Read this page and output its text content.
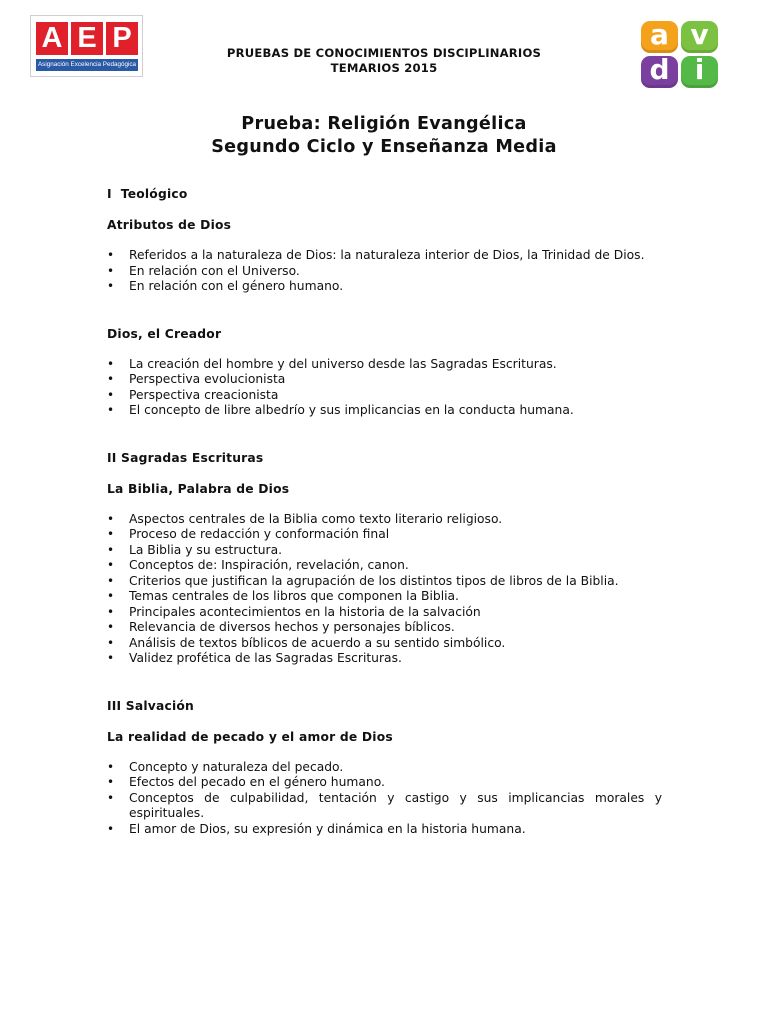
A E P
Asignación Excelencia Pedagógica
PRUEBAS DE CONOCIMIENTOS DISCIPLINARIOS
TEMARIOS 2015
a v
d i
Prueba: Religión Evangélica
Segundo Ciclo y Enseñanza Media

I  Teológico

Atributos de Dios

• Referidos a la naturaleza de Dios: la naturaleza interior de Dios, la Trinidad de Dios.
• En relación con el Universo.
• En relación con el género humano.

Dios, el Creador

• La creación del hombre y del universo desde las Sagradas Escrituras.
• Perspectiva evolucionista
• Perspectiva creacionista
• El concepto de libre albedrío y sus implicancias en la conducta humana.

II Sagradas Escrituras

La Biblia, Palabra de Dios

• Aspectos centrales de la Biblia como texto literario religioso.
• Proceso de redacción y conformación final
• La Biblia y su estructura.
• Conceptos de: Inspiración, revelación, canon.
• Criterios que justifican la agrupación de los distintos tipos de libros de la Biblia.
• Temas centrales de los libros que componen la Biblia.
• Principales acontecimientos en la historia de la salvación
• Relevancia de diversos hechos y personajes bíblicos.
• Análisis de textos bíblicos de acuerdo a su sentido simbólico.
• Validez profética de las Sagradas Escrituras.

III Salvación

La realidad de pecado y el amor de Dios

• Concepto y naturaleza del pecado.
• Efectos del pecado en el género humano.
• Conceptos de culpabilidad, tentación y castigo y sus implicancias morales y espirituales.
• El amor de Dios, su expresión y dinámica en la historia humana.
